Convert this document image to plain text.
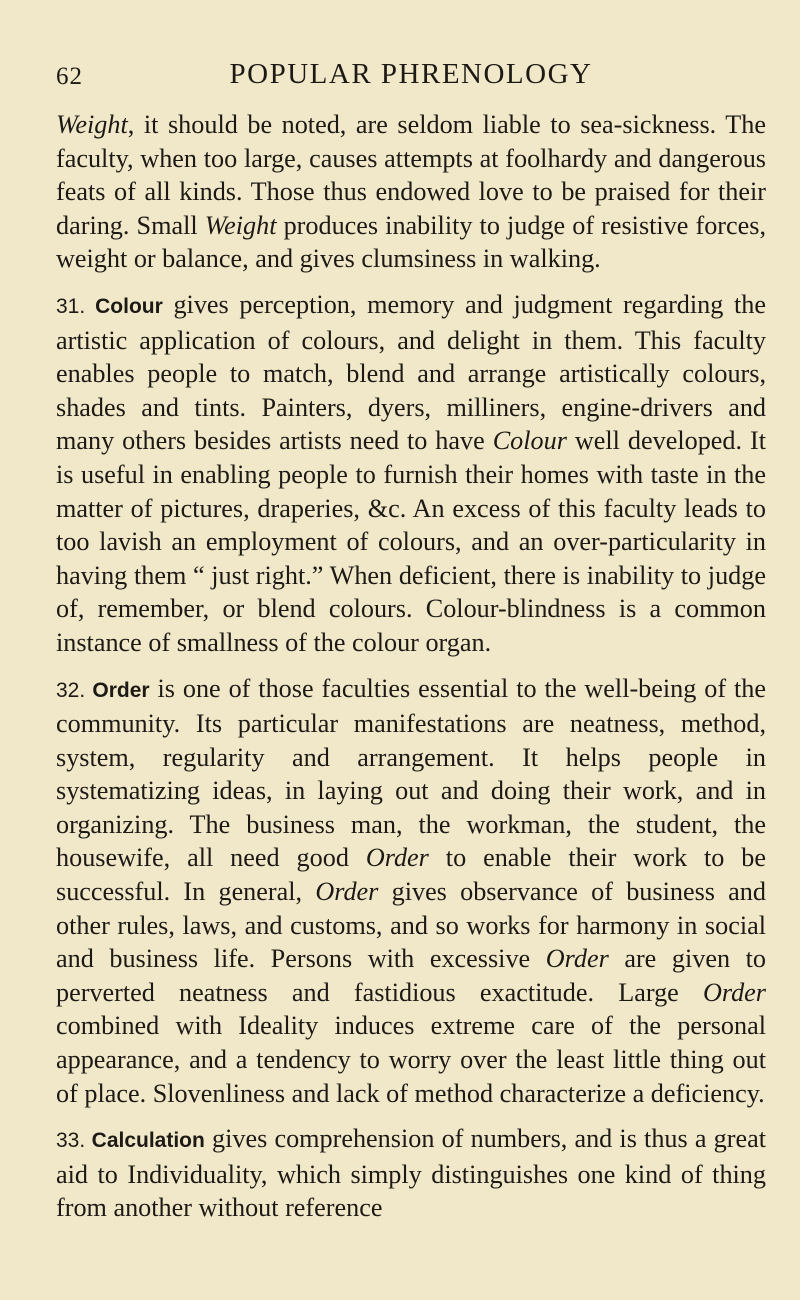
62	POPULAR PHRENOLOGY

Weight, it should be noted, are seldom liable to sea-sickness. The faculty, when too large, causes attempts at foolhardy and dangerous feats of all kinds. Those thus endowed love to be praised for their daring. Small Weight produces inability to judge of resistive forces, weight or balance, and gives clumsiness in walking.

31. Colour gives perception, memory and judgment regarding the artistic application of colours, and delight in them. This faculty enables people to match, blend and arrange artistically colours, shades and tints. Painters, dyers, milliners, engine-drivers and many others besides artists need to have Colour well developed. It is useful in enabling people to furnish their homes with taste in the matter of pictures, draperies, &c. An excess of this faculty leads to too lavish an employment of colours, and an over-particularity in having them “ just right.” When deficient, there is inability to judge of, remember, or blend colours. Colour-blindness is a common instance of smallness of the colour organ.

32. Order is one of those faculties essential to the well-being of the community. Its particular manifestations are neatness, method, system, regularity and arrangement. It helps people in systematizing ideas, in laying out and doing their work, and in organizing. The business man, the workman, the student, the housewife, all need good Order to enable their work to be successful. In general, Order gives observance of business and other rules, laws, and customs, and so works for harmony in social and business life. Persons with excessive Order are given to perverted neatness and fastidious exactitude. Large Order combined with Ideality induces extreme care of the personal appearance, and a tendency to worry over the least little thing out of place. Slovenliness and lack of method characterize a deficiency.

33. Calculation gives comprehension of numbers, and is thus a great aid to Individuality, which simply distinguishes one kind of thing from another without reference
